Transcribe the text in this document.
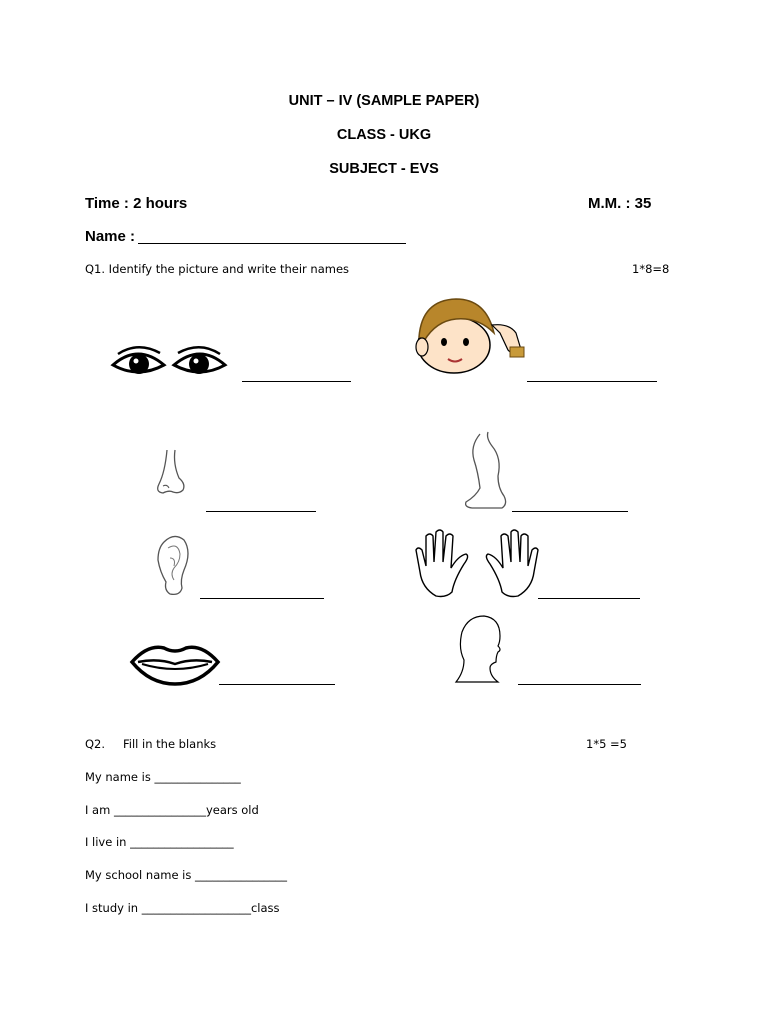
UNIT – IV (SAMPLE PAPER)
CLASS - UKG
SUBJECT - EVS
Time : 2 hours	M.M. : 35
Name :
Q1. Identify the picture and write their names	1*8=8
Q2. Fill in the blanks	1*5 =5
My name is _______________
I am ________________years old
I live in __________________
My school name is ________________
I study in ___________________class
